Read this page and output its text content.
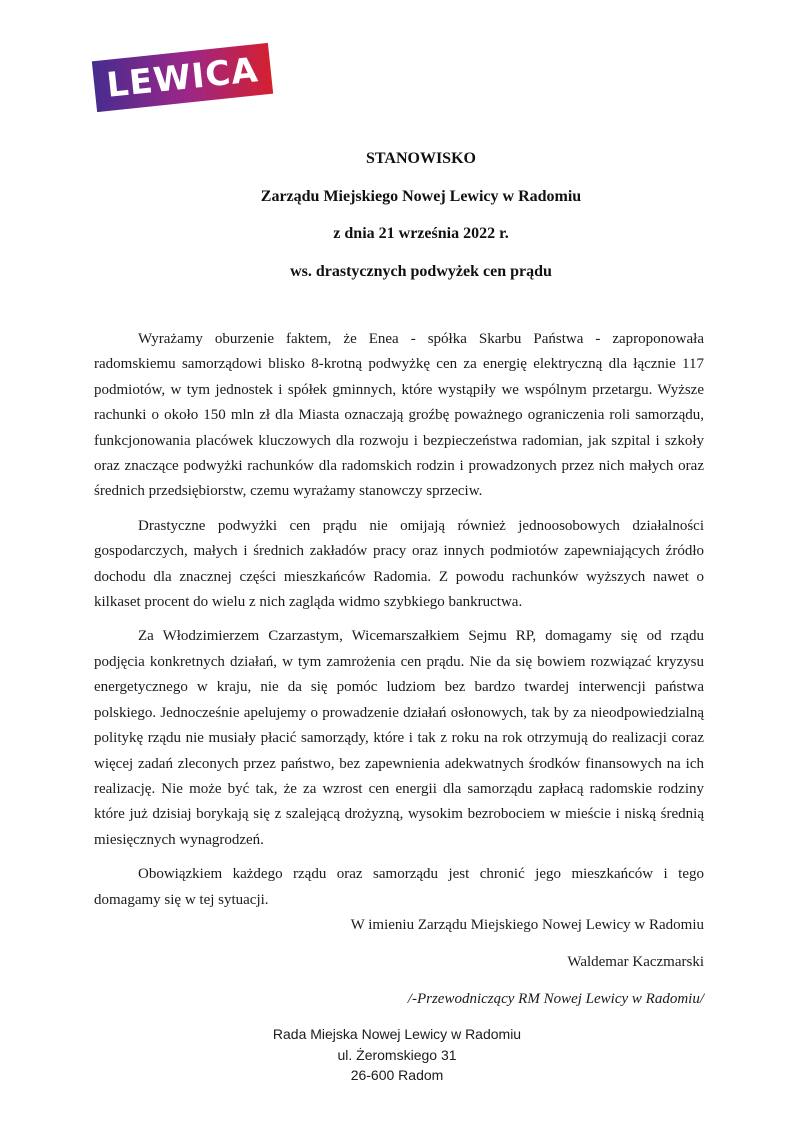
LEWICA

STANOWISKO

Zarządu Miejskiego Nowej Lewicy w Radomiu

z dnia 21 września 2022 r.

ws. drastycznych podwyżek cen prądu

Wyrażamy oburzenie faktem, że Enea - spółka Skarbu Państwa - zaproponowała radomskiemu samorządowi blisko 8-krotną podwyżkę cen za energię elektryczną dla łącznie 117 podmiotów, w tym jednostek i spółek gminnych, które wystąpiły we wspólnym przetargu. Wyższe rachunki o około 150 mln zł dla Miasta oznaczają groźbę poważnego ograniczenia roli samorządu, funkcjonowania placówek kluczowych dla rozwoju i bezpieczeństwa radomian, jak szpital i szkoły oraz znaczące podwyżki rachunków dla radomskich rodzin i prowadzonych przez nich małych oraz średnich przedsiębiorstw, czemu wyrażamy stanowczy sprzeciw.

Drastyczne podwyżki cen prądu nie omijają również jednoosobowych działalności gospodarczych, małych i średnich zakładów pracy oraz innych podmiotów zapewniających źródło dochodu dla znacznej części mieszkańców Radomia. Z powodu rachunków wyższych nawet o kilkaset procent do wielu z nich zagląda widmo szybkiego bankructwa.

Za Włodzimierzem Czarzastym, Wicemarszałkiem Sejmu RP, domagamy się od rządu podjęcia konkretnych działań, w tym zamrożenia cen prądu. Nie da się bowiem rozwiązać kryzysu energetycznego w kraju, nie da się pomóc ludziom bez bardzo twardej interwencji państwa polskiego. Jednocześnie apelujemy o prowadzenie działań osłonowych, tak by za nieodpowiedzialną politykę rządu nie musiały płacić samorządy, które i tak z roku na rok otrzymują do realizacji coraz więcej zadań zleconych przez państwo, bez zapewnienia adekwatnych środków finansowych na ich realizację. Nie może być tak, że za wzrost cen energii dla samorządu zapłacą radomskie rodziny które już dzisiaj borykają się z szalejącą drożyzną, wysokim bezrobociem w mieście i niską średnią miesięcznych wynagrodzeń.

Obowiązkiem każdego rządu oraz samorządu jest chronić jego mieszkańców i tego domagamy się w tej sytuacji.

W imieniu Zarządu Miejskiego Nowej Lewicy w Radomiu

Waldemar Kaczmarski

/-Przewodniczący RM Nowej Lewicy w Radomiu/

Rada Miejska Nowej Lewicy w Radomiu

ul. Żeromskiego 31

26-600 Radom
